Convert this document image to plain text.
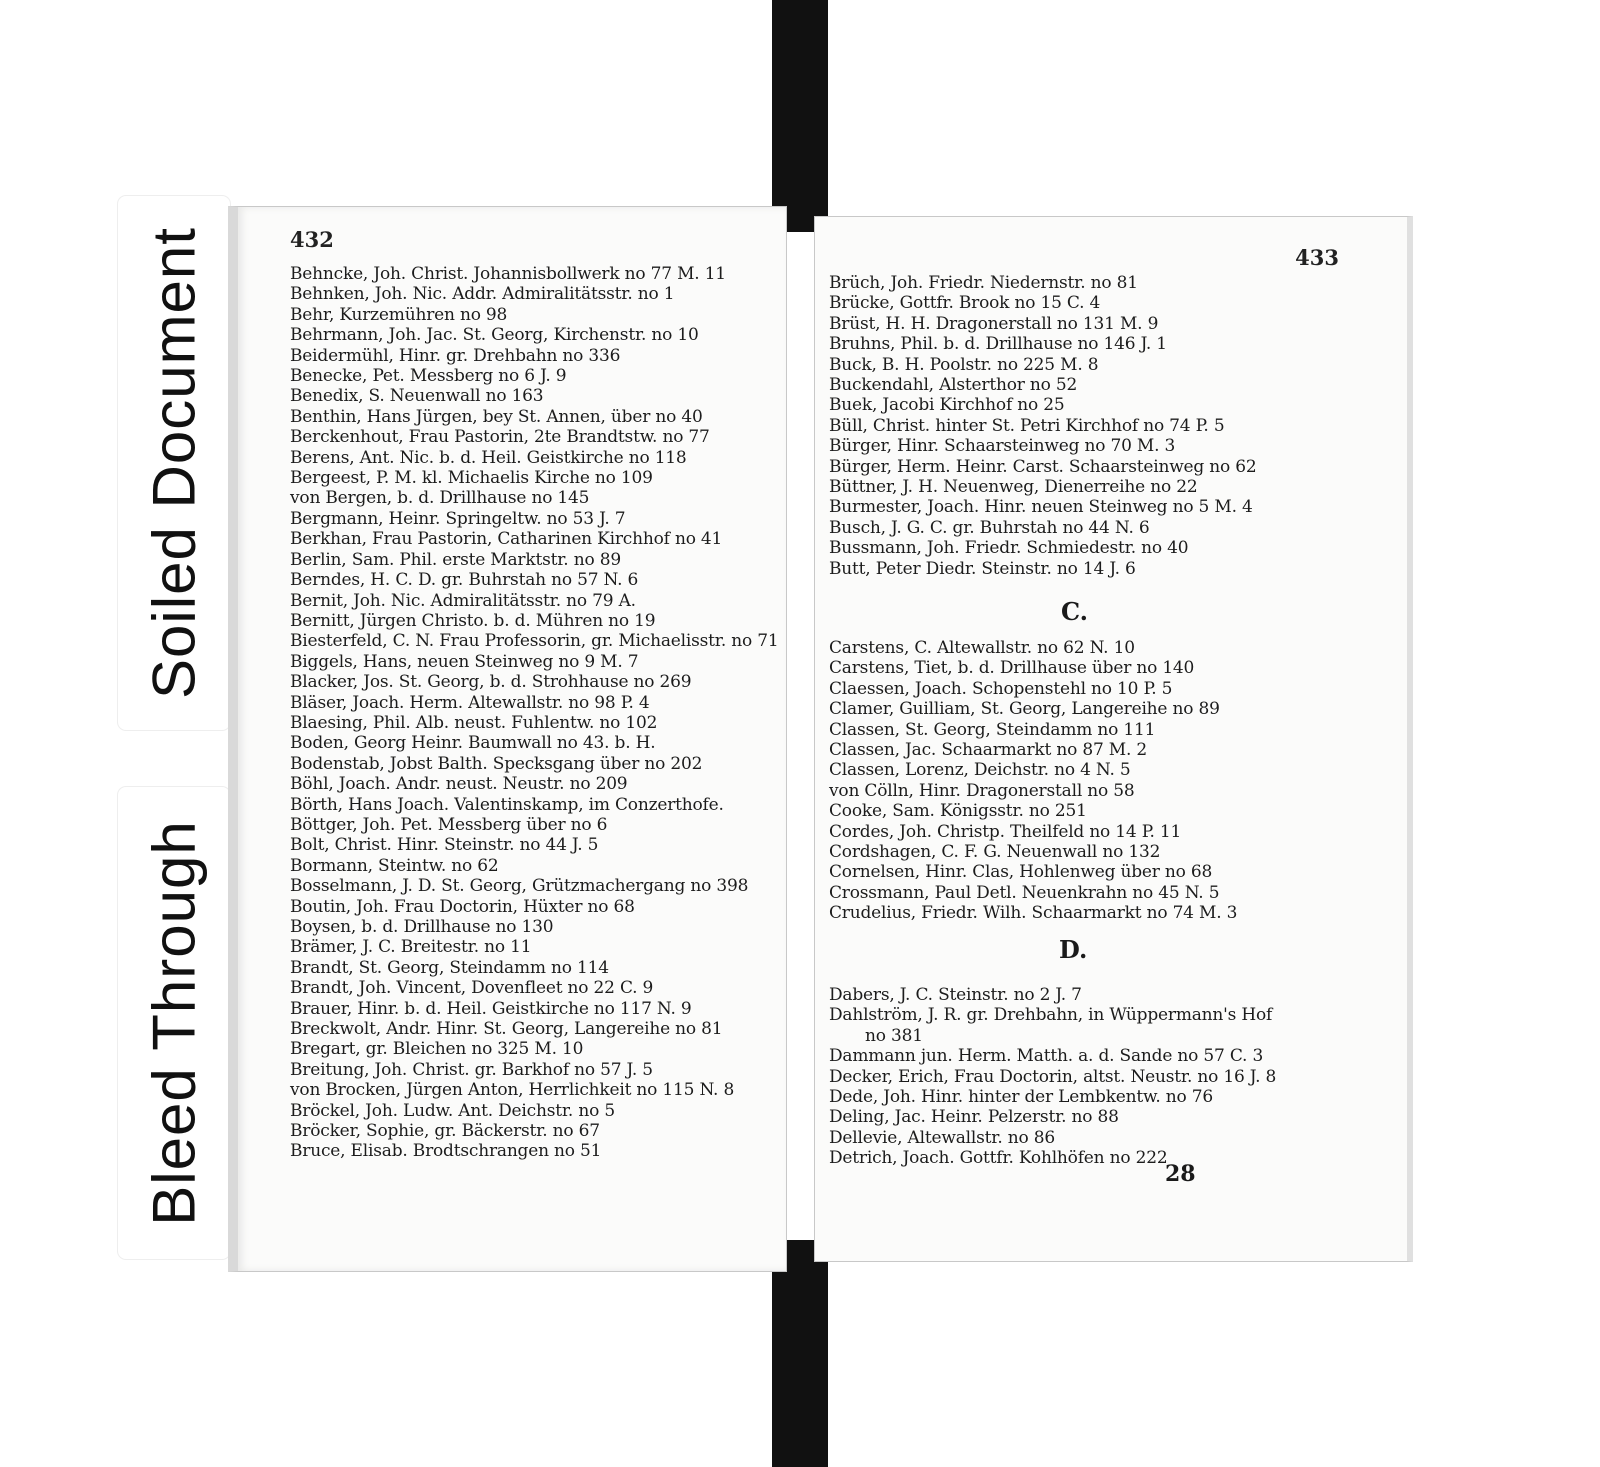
Soiled Document
Bleed Through
432
Behncke, Joh. Christ. Johannisbollwerk no 77 M. 11
Behnken, Joh. Nic. Addr. Admiralitätsstr. no 1
Behr, Kurzemühren no 98
Behrmann, Joh. Jac. St. Georg, Kirchenstr. no 10
Beidermühl, Hinr. gr. Drehbahn no 336
Benecke, Pet. Messberg no 6 J. 9
Benedix, S. Neuenwall no 163
Benthin, Hans Jürgen, bey St. Annen, über no 40
Berckenhout, Frau Pastorin, 2te Brandtstw. no 77
Berens, Ant. Nic. b. d. Heil. Geistkirche no 118
Bergeest, P. M. kl. Michaelis Kirche no 109
von Bergen, b. d. Drillhause no 145
Bergmann, Heinr. Springeltw. no 53 J. 7
Berkhan, Frau Pastorin, Catharinen Kirchhof no 41
Berlin, Sam. Phil. erste Marktstr. no 89
Berndes, H. C. D. gr. Buhrstah no 57 N. 6
Bernit, Joh. Nic. Admiralitätsstr. no 79 A.
Bernitt, Jürgen Christo. b. d. Mühren no 19
Biesterfeld, C. N. Frau Professorin, gr. Michaelisstr. no 71
Biggels, Hans, neuen Steinweg no 9 M. 7
Blacker, Jos. St. Georg, b. d. Strohhause no 269
Bläser, Joach. Herm. Altewallstr. no 98 P. 4
Blaesing, Phil. Alb. neust. Fuhlentw. no 102
Boden, Georg Heinr. Baumwall no 43. b. H.
Bodenstab, Jobst Balth. Specksgang über no 202
Böhl, Joach. Andr. neust. Neustr. no 209
Börth, Hans Joach. Valentinskamp, im Conzerthofe.
Böttger, Joh. Pet. Messberg über no 6
Bolt, Christ. Hinr. Steinstr. no 44 J. 5
Bormann, Steintw. no 62
Bosselmann, J. D. St. Georg, Grützmachergang no 398
Boutin, Joh. Frau Doctorin, Hüxter no 68
Boysen, b. d. Drillhause no 130
Brämer, J. C. Breitestr. no 11
Brandt, St. Georg, Steindamm no 114
Brandt, Joh. Vincent, Dovenfleet no 22 C. 9
Brauer, Hinr. b. d. Heil. Geistkirche no 117 N. 9
Breckwolt, Andr. Hinr. St. Georg, Langereihe no 81
Bregart, gr. Bleichen no 325 M. 10
Breitung, Joh. Christ. gr. Barkhof no 57 J. 5
von Brocken, Jürgen Anton, Herrlichkeit no 115 N. 8
Bröckel, Joh. Ludw. Ant. Deichstr. no 5
Bröcker, Sophie, gr. Bäckerstr. no 67
Bruce, Elisab. Brodtschrangen no 51
433
Brüch, Joh. Friedr. Niedernstr. no 81
Brücke, Gottfr. Brook no 15 C. 4
Brüst, H. H. Dragonerstall no 131 M. 9
Bruhns, Phil. b. d. Drillhause no 146 J. 1
Buck, B. H. Poolstr. no 225 M. 8
Buckendahl, Alsterthor no 52
Buek, Jacobi Kirchhof no 25
Büll, Christ. hinter St. Petri Kirchhof no 74 P. 5
Bürger, Hinr. Schaarsteinweg no 70 M. 3
Bürger, Herm. Heinr. Carst. Schaarsteinweg no 62
Büttner, J. H. Neuenweg, Dienerreihe no 22
Burmester, Joach. Hinr. neuen Steinweg no 5 M. 4
Busch, J. G. C. gr. Buhrstah no 44 N. 6
Bussmann, Joh. Friedr. Schmiedestr. no 40
Butt, Peter Diedr. Steinstr. no 14 J. 6
C.
Carstens, C. Altewallstr. no 62 N. 10
Carstens, Tiet, b. d. Drillhause über no 140
Claessen, Joach. Schopenstehl no 10 P. 5
Clamer, Guilliam, St. Georg, Langereihe no 89
Classen, St. Georg, Steindamm no 111
Classen, Jac. Schaarmarkt no 87 M. 2
Classen, Lorenz, Deichstr. no 4 N. 5
von Cölln, Hinr. Dragonerstall no 58
Cooke, Sam. Königsstr. no 251
Cordes, Joh. Christp. Theilfeld no 14 P. 11
Cordshagen, C. F. G. Neuenwall no 132
Cornelsen, Hinr. Clas, Hohlenweg über no 68
Crossmann, Paul Detl. Neuenkrahn no 45 N. 5
Crudelius, Friedr. Wilh. Schaarmarkt no 74 M. 3
D.
Dabers, J. C. Steinstr. no 2 J. 7
Dahlström, J. R. gr. Drehbahn, in Wüppermann's Hof
no 381
Dammann jun. Herm. Matth. a. d. Sande no 57 C. 3
Decker, Erich, Frau Doctorin, altst. Neustr. no 16 J. 8
Dede, Joh. Hinr. hinter der Lembkentw. no 76
Deling, Jac. Heinr. Pelzerstr. no 88
Dellevie, Altewallstr. no 86
Detrich, Joach. Gottfr. Kohlhöfen no 222
28
